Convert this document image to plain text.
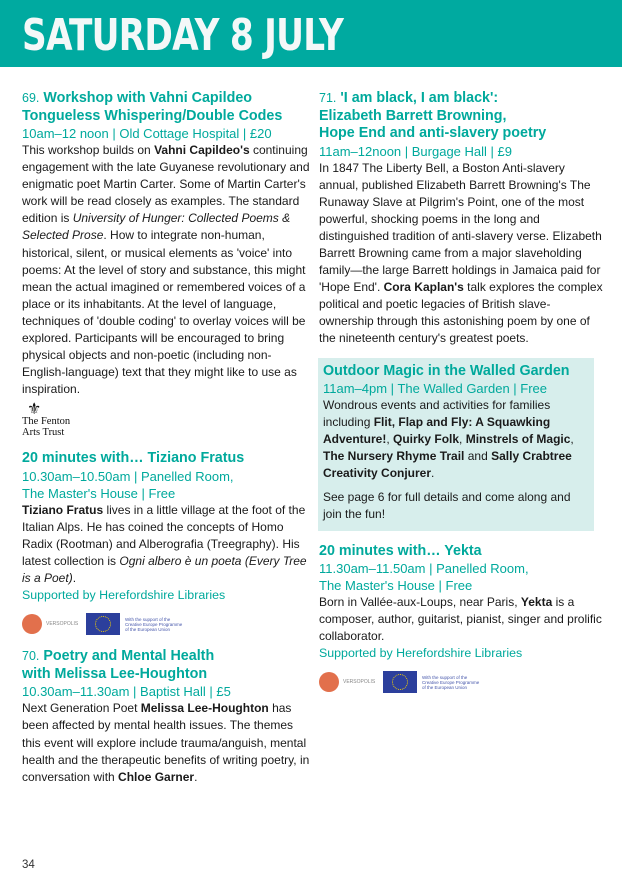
SATURDAY 8 JULY
69. Workshop with Vahni Capildeo
Tongueless Whispering/Double Codes
10am–12 noon | Old Cottage Hospital | £20
This workshop builds on Vahni Capildeo's continuing engagement with the late Guyanese revolutionary and enigmatic poet Martin Carter. Some of Martin Carter's work will be read closely as examples. The standard edition is University of Hunger: Collected Poems & Selected Prose. How to integrate non-human, historical, silent, or musical elements as 'voice' into poems: At the level of story and substance, this might mean the actual imagined or remembered voices of a place or its inhabitants. At the level of language, techniques of 'double coding' to overlay voices will be explored. Participants will be encouraged to bring physical objects and non-poetic (including non-English-language) text that they might like to use as inspiration.
⚜
The Fenton
Arts Trust
20 minutes with… Tiziano Fratus
10.30am–10.50am | Panelled Room,
The Master's House | Free
Tiziano Fratus lives in a little village at the foot of the Italian Alps. He has coined the concepts of Homo Radix (Rootman) and Alberografia (Treegraphy). His latest collection is Ogni albero è un poeta (Every Tree is a Poet).
Supported by Herefordshire Libraries
VERSOPOLIS
With the support of the Creative Europe Programme of the European Union
70. Poetry and Mental Health
with Melissa Lee-Houghton
10.30am–11.30am | Baptist Hall | £5
Next Generation Poet Melissa Lee-Houghton has been affected by mental health issues. The themes this event will explore include trauma/anguish, mental health and the therapeutic benefits of writing poetry, in conversation with Chloe Garner.
71. 'I am black, I am black':
Elizabeth Barrett Browning,
Hope End and anti-slavery poetry
11am–12noon | Burgage Hall | £9
In 1847 The Liberty Bell, a Boston Anti-slavery annual, published Elizabeth Barrett Browning's The Runaway Slave at Pilgrim's Point, one of the most powerful, shocking poems in the long and distinguished tradition of anti-slavery verse. Elizabeth Barrett Browning came from a major slaveholding family—the large Barrett holdings in Jamaica paid for 'Hope End'. Cora Kaplan's talk explores the complex political and poetic legacies of British slave-ownership through this astonishing poem by one of the nineteenth century's greatest poets.
Outdoor Magic in the Walled Garden
11am–4pm | The Walled Garden | Free

Wondrous events and activities for families including Flit, Flap and Fly: A Squawking Adventure!, Quirky Folk, Minstrels of Magic, The Nursery Rhyme Trail and Sally Crabtree Creativity Conjurer.

See page 6 for full details and come along and join the fun!

20 minutes with… Yekta
11.30am–11.50am | Panelled Room,
The Master's House | Free
Born in Vallée-aux-Loups, near Paris, Yekta is a composer, author, guitarist, pianist, singer and prolific collaborator.
Supported by Herefordshire Libraries
VERSOPOLIS
With the support of the Creative Europe Programme of the European Union
34
